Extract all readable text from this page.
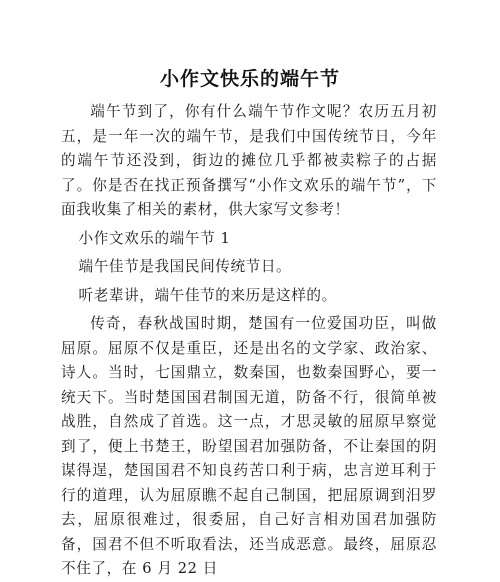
小作文快乐的端午节

端午节到了，你有什么端午节作文呢？农历五月初五，是一年一次的端午节，是我们中国传统节日，今年的端午节还没到，街边的摊位几乎都被卖粽子的占据了。你是否在找正预备撰写“小作文欢乐的端午节”，下面我收集了相关的素材，供大家写文参考！

小作文欢乐的端午节 1

端午佳节是我国民间传统节日。

听老辈讲，端午佳节的来历是这样的。

传奇，春秋战国时期，楚国有一位爱国功臣，叫做屈原。屈原不仅是重臣，还是出名的文学家、政治家、诗人。当时，七国鼎立，数秦国，也数秦国野心，要一统天下。当时楚国国君制国无道，防备不行，很简单被战胜，自然成了首选。这一点，才思灵敏的屈原早察觉到了，便上书楚王，盼望国君加强防备，不让秦国的阴谋得逞，楚国国君不知良药苦口利于病，忠言逆耳利于行的道理，认为屈原瞧不起自己制国，把屈原调到汨罗去，屈原很难过，很委屈，自己好言相劝国君加强防备，国君不但不听取看法，还当成恶意。最终，屈原忍不住了，在 6 月 22 日
